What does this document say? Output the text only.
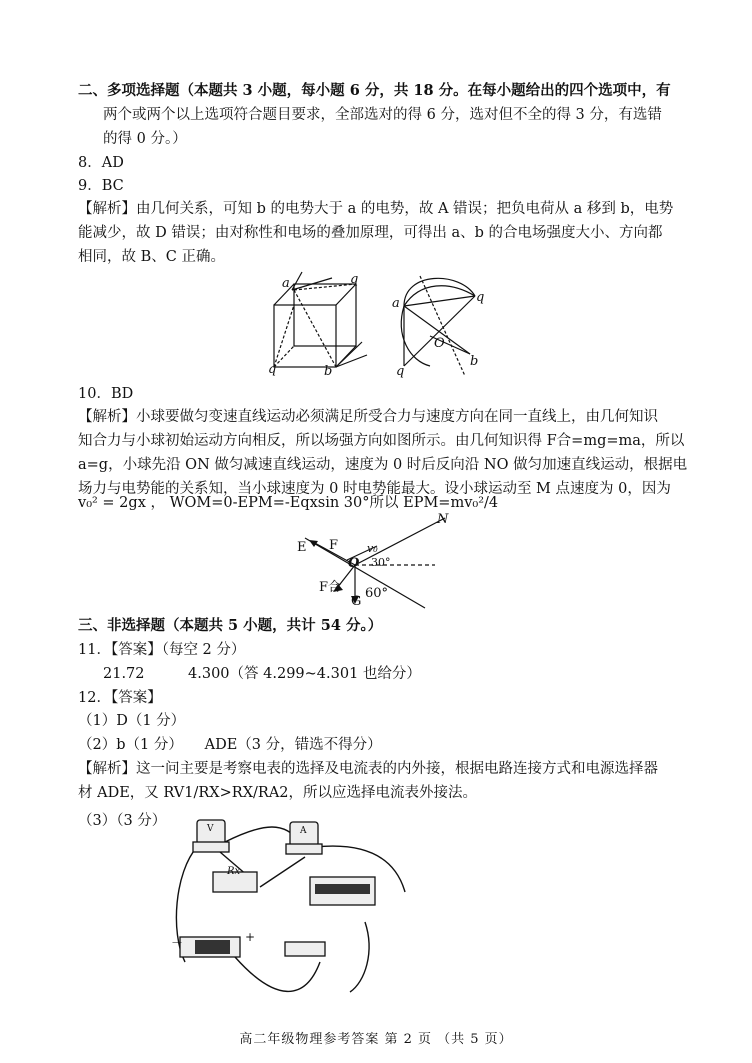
二、多项选择题（本题共 3 小题，每小题 6 分，共 18 分。在每小题给出的四个选项中，有
两个或两个以上选项符合题目要求，全部选对的得 6 分，选对但不全的得 3 分，有选错
的得 0 分。）
8．AD
9．BC
【解析】由几何关系，可知 b 的电势大于 a 的电势，故 A 错误；把负电荷从 a 移到 b，电势
能减少，故 D 错误；由对称性和电场的叠加原理，可得出 a、b 的合电场强度大小、方向都
相同，故 B、C 正确。
a	q
q	b
a	q
O
b
q
10．BD
【解析】小球要做匀变速直线运动必须满足所受合力与速度方向在同一直线上，由几何知识
知合力与小球初始运动方向相反，所以场强方向如图所示。由几何知识得 F合=mg=ma，所以
a=g，小球先沿 ON 做匀减速直线运动，速度为 0 时后反向沿 NO 做匀加速直线运动，根据电
场力与电势能的关系知，当小球速度为 0 时电势能最大。设小球运动至 M 点速度为 0，因为
v₀² = 2gx ， WOM=0-EPM=-Eqxsin 30°所以 EPM=mv₀²/4
N
E F	v₀
O 30°
F合
G
60°
三、非选择题（本题共 5 小题，共计 54 分。）
11．【答案】（每空 2 分）
21.72　　　4.300（答 4.299~4.301 也给分）
12．【答案】
（1）D（1 分）
（2）b（1 分）　　ADE（3 分，错选不得分）
【解析】这一问主要是考察电表的选择及电流表的内外接，根据电路连接方式和电源选择器
材 ADE，又 RV1/RX>RX/RA2，所以应选择电流表外接法。
（3）（3 分）	V	A
Rx
－	+
高二年级物理参考答案 第 2 页 （共 5 页）
